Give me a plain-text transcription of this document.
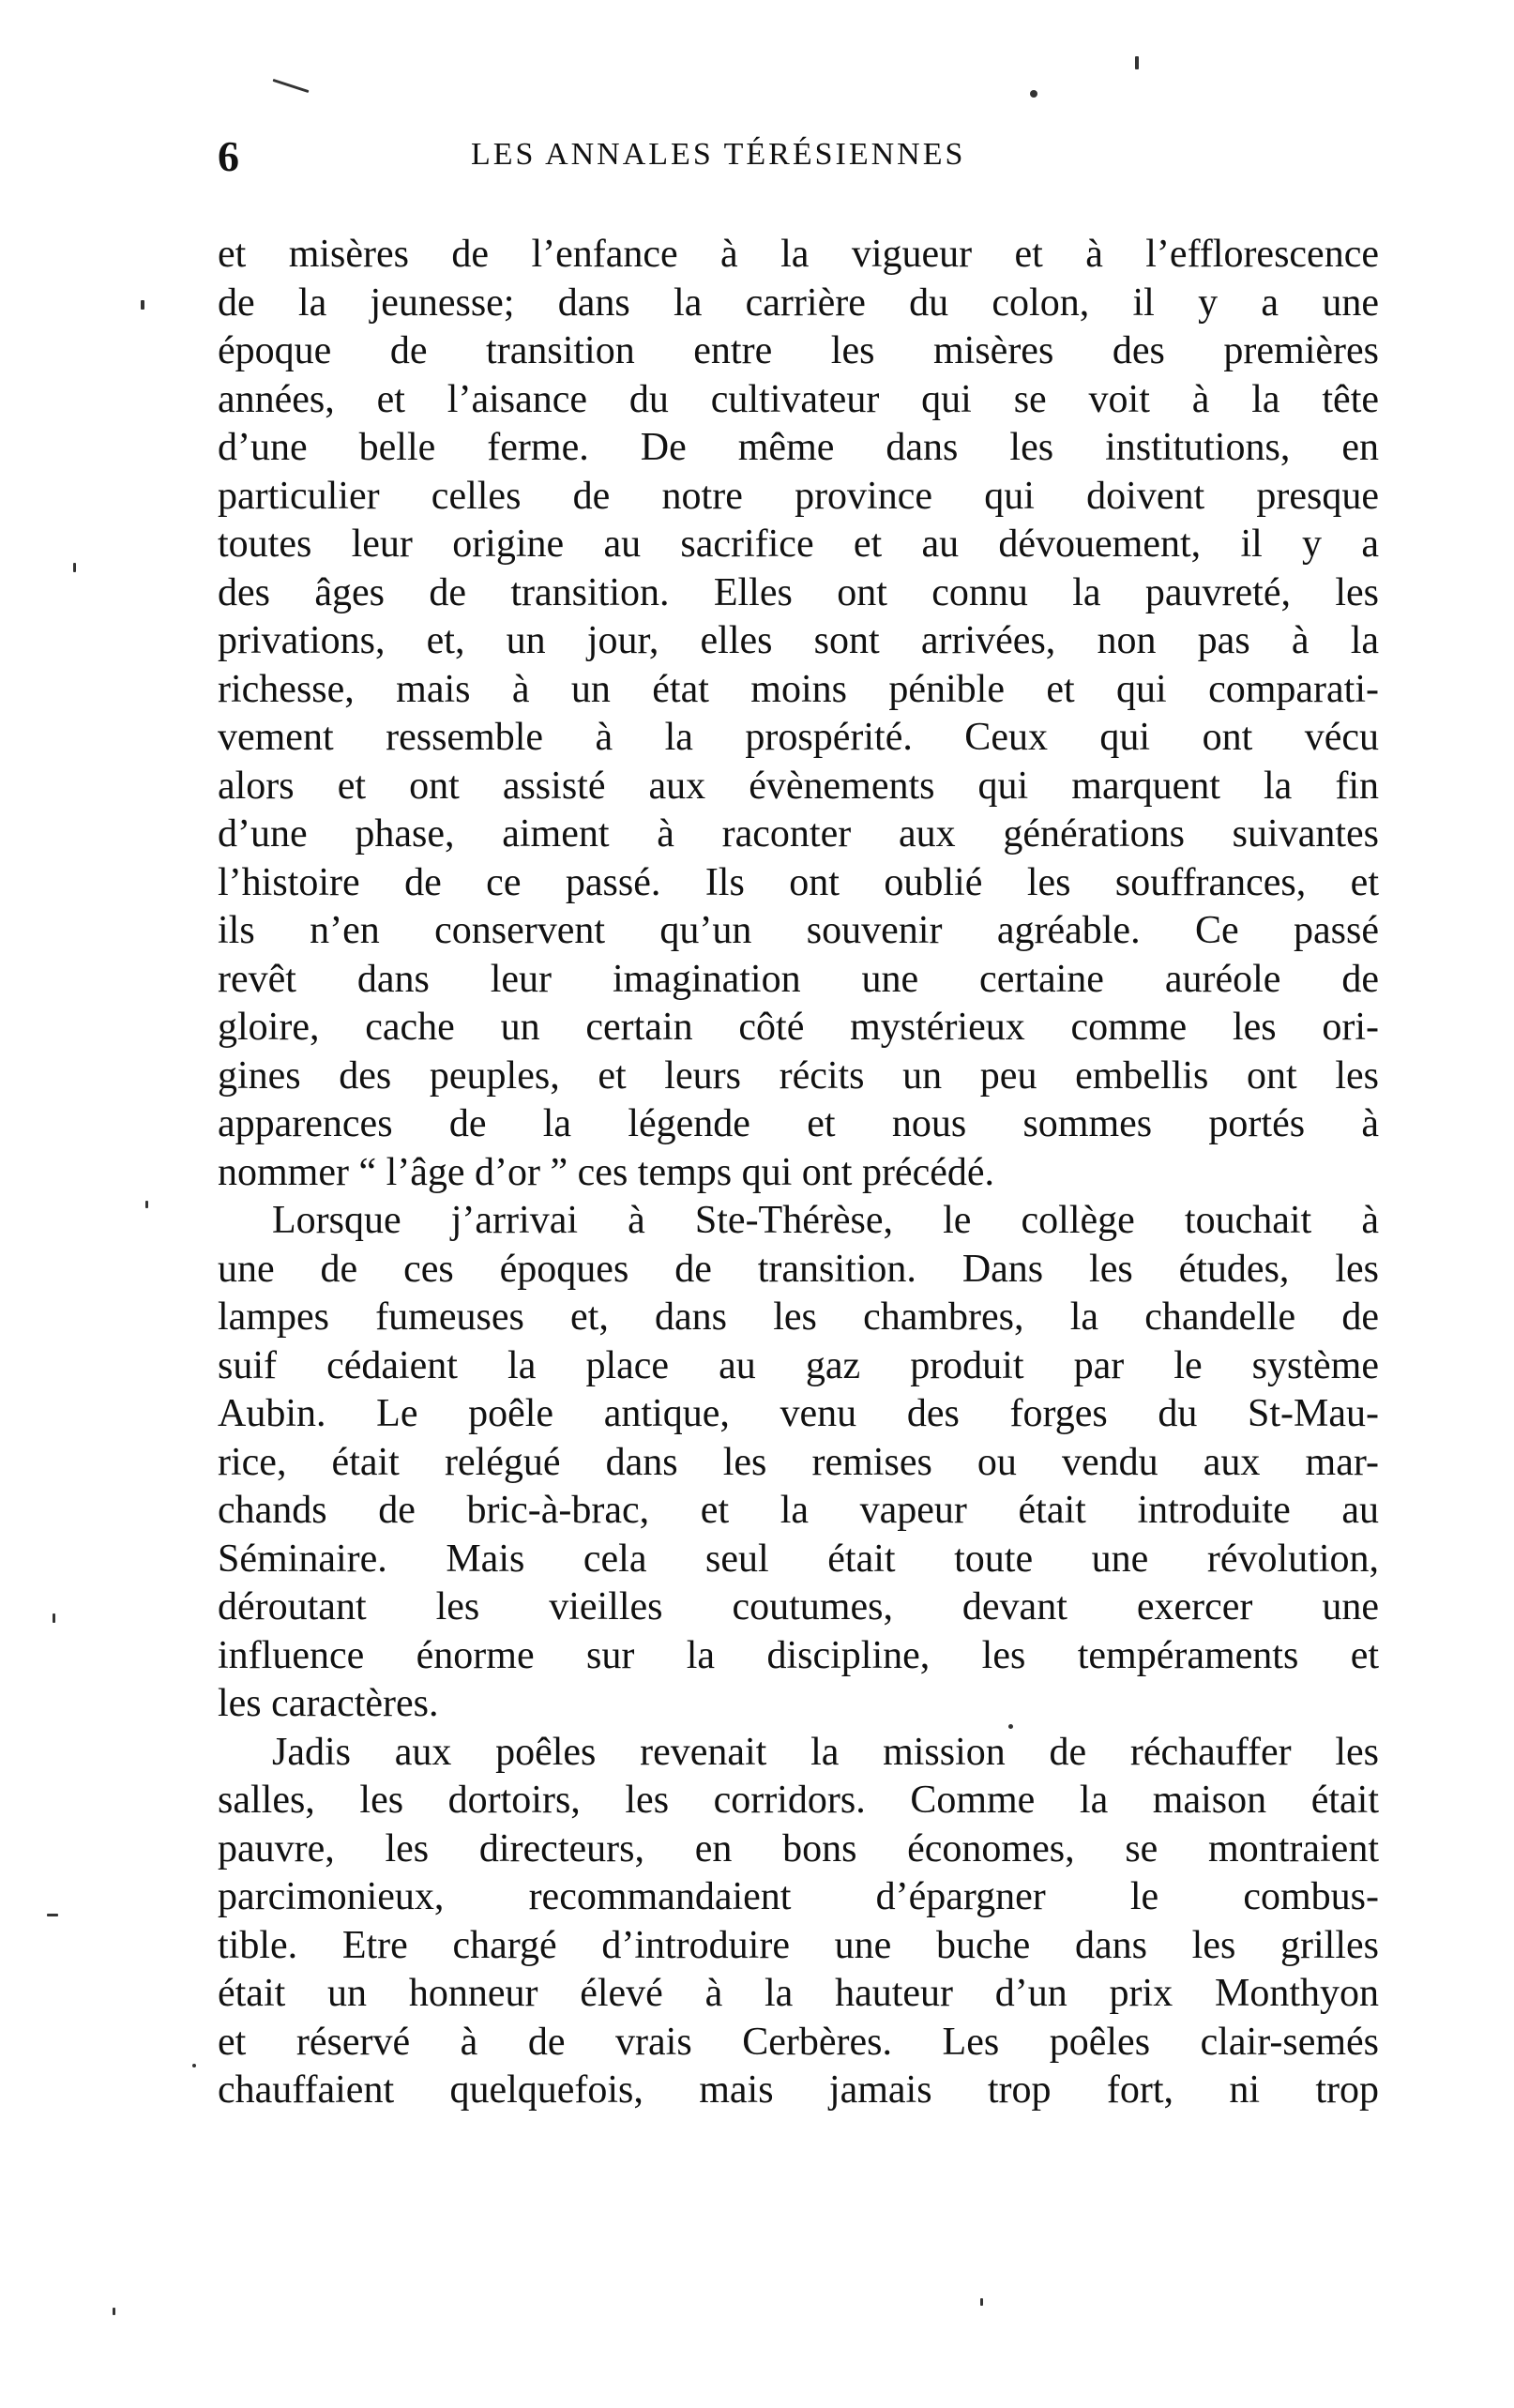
6	LES ANNALES TÉRÉSIENNES
et misères de l’enfance à la vigueur et à l’efflorescence
de la jeunesse; dans la carrière du colon, il y a une
époque de transition entre les misères des premières
années, et l’aisance du cultivateur qui se voit à la tête
d’une belle ferme. De même dans les institutions, en
particulier celles de notre province qui doivent presque
toutes leur origine au sacrifice et au dévouement, il y a
des âges de transition. Elles ont connu la pauvreté, les
privations, et, un jour, elles sont arrivées, non pas à la
richesse, mais à un état moins pénible et qui comparati-
vement ressemble à la prospérité. Ceux qui ont vécu
alors et ont assisté aux évènements qui marquent la fin
d’une phase, aiment à raconter aux générations suivantes
l’histoire de ce passé. Ils ont oublié les souffrances, et
ils n’en conservent qu’un souvenir agréable. Ce passé
revêt dans leur imagination une certaine auréole de
gloire, cache un certain côté mystérieux comme les ori-
gines des peuples, et leurs récits un peu embellis ont les
apparences de la légende et nous sommes portés à
nommer “ l’âge d’or ” ces temps qui ont précédé.
Lorsque j’arrivai à Ste-Thérèse, le collège touchait à
une de ces époques de transition. Dans les études, les
lampes fumeuses et, dans les chambres, la chandelle de
suif cédaient la place au gaz produit par le système
Aubin. Le poêle antique, venu des forges du St-Mau-
rice, était relégué dans les remises ou vendu aux mar-
chands de bric-à-brac, et la vapeur était introduite au
Séminaire. Mais cela seul était toute une révolution,
déroutant les vieilles coutumes, devant exercer une
influence énorme sur la discipline, les tempéraments et
les caractères.
Jadis aux poêles revenait la mission de réchauffer les
salles, les dortoirs, les corridors. Comme la maison était
pauvre, les directeurs, en bons économes, se montraient
parcimonieux, recommandaient d’épargner le combus-
tible. Etre chargé d’introduire une buche dans les grilles
était un honneur élevé à la hauteur d’un prix Monthyon
et réservé à de vrais Cerbères. Les poêles clair-semés
chauffaient quelquefois, mais jamais trop fort, ni trop
